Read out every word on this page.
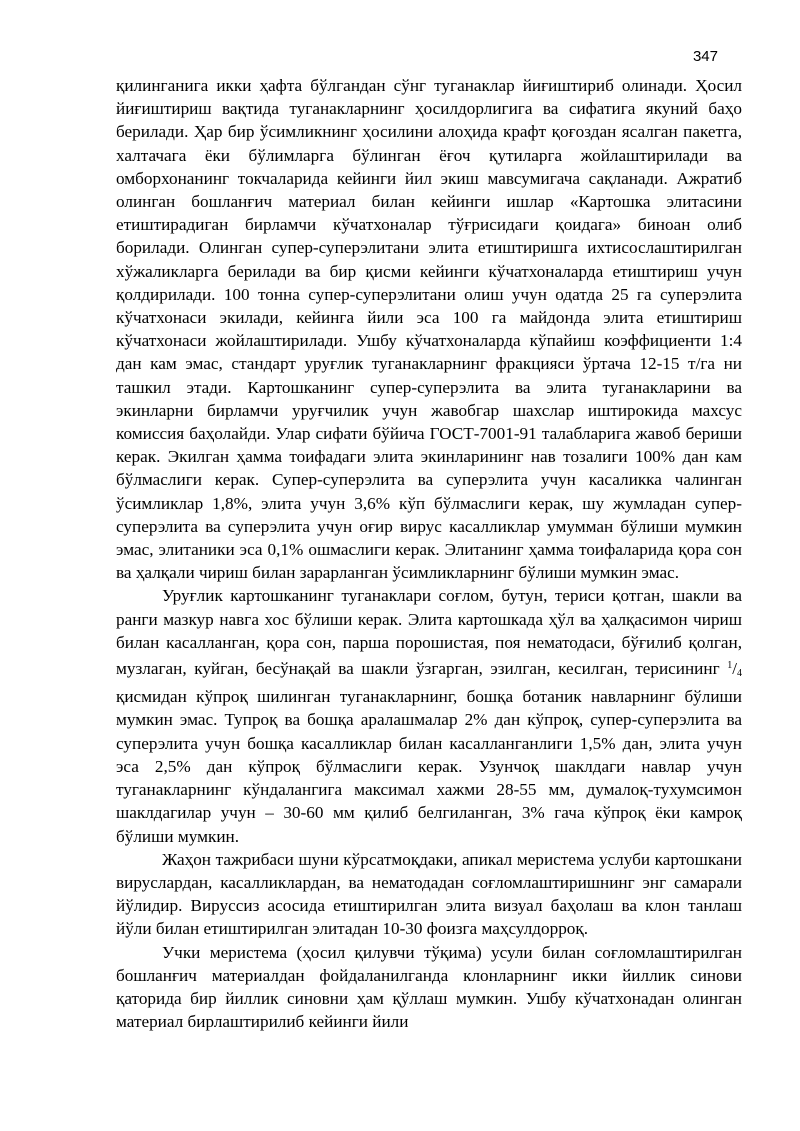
347

қилинганига икки ҳафта бўлгандан сўнг туганаклар йиғиштириб олинади. Ҳосил йиғиштириш вақтида туганакларнинг ҳосилдорлигига ва сифатига якуний баҳо берилади. Ҳар бир ўсимликнинг ҳосилини алоҳида крафт қоғоздан ясалган пакетга, халтачага ёки бўлимларга бўлинган ёғоч қутиларга жойлаштирилади ва омборхонанинг токчаларида кейинги йил экиш мавсумигача сақланади. Ажратиб олинган бошланғич материал билан кейинги ишлар «Картошка элитасини етиштирадиган бирламчи кўчатхоналар тўғрисидаги қоидага» биноан олиб борилади. Олинган супер-суперэлитани элита етиштиришга ихтисослаштирилган хўжаликларга берилади ва бир қисми кейинги кўчатхоналарда етиштириш учун қолдирилади. 100 тонна супер-суперэлитани олиш учун одатда 25 га суперэлита кўчатхонаси экилади, кейинга йили эса 100 га майдонда элита етиштириш кўчатхонаси жойлаштирилади. Ушбу кўчатхоналарда кўпайиш коэффициенти 1:4 дан кам эмас, стандарт уруғлик туганакларнинг фракцияси ўртача 12-15 т/га ни ташкил этади. Картошканинг супер-суперэлита ва элита туганакларини ва экинларни бирламчи уруғчилик учун жавобгар шахслар иштирокида махсус комиссия баҳолайди. Улар сифати бўйича ГОСТ-7001-91 талабларига жавоб бериши керак. Экилган ҳамма тоифадаги элита экинларининг нав тозалиги 100% дан кам бўлмаслиги керак. Супер-суперэлита ва суперэлита учун касаликка чалинган ўсимликлар 1,8%, элита учун 3,6% кўп бўлмаслиги керак, шу жумладан супер-суперэлита ва суперэлита учун оғир вирус касалликлар умумман бўлиши мумкин эмас, элитаники эса 0,1% ошмаслиги керак. Элитанинг ҳамма тоифаларида қора сон ва ҳалқали чириш билан зарарланган ўсимликларнинг бўлиши мумкин эмас.

Уруғлик картошканинг туганаклари соғлом, бутун, териси қотган, шакли ва ранги мазкур навга хос бўлиши керак. Элита картошкада ҳўл ва ҳалқасимон чириш билан касалланган, қора сон, парша порошистая, поя нематодаси, бўғилиб қолган, музлаган, куйган, бесўнақай ва шакли ўзгарган, эзилган, кесилган, терисининг $^1/_4$ қисмидан кўпроқ шилинган туганакларнинг, бошқа ботаник навларнинг бўлиши мумкин эмас. Тупроқ ва бошқа аралашмалар 2% дан кўпроқ, супер-суперэлита ва суперэлита учун бошқа касалликлар билан касалланганлиги 1,5% дан, элита учун эса 2,5% дан кўпроқ бўлмаслиги керак. Узунчоқ шаклдаги навлар учун туганакларнинг кўндалангига максимал хажми 28-55 мм, думалоқ-тухумсимон шаклдагилар учун – 30-60 мм қилиб белгиланган, 3% гача кўпроқ ёки камроқ бўлиши мумкин.

Жаҳон тажрибаси шуни кўрсатмоқдаки, апикал меристема услуби картошкани вируслардан, касалликлардан, ва нематодадан соғломлаштиришнинг энг самарали йўлидир. Вируссиз асосида етиштирилган элита визуал баҳолаш ва клон танлаш йўли билан етиштирилган элитадан 10-30 фоизга маҳсулдорроқ.

Учки меристема (ҳосил қилувчи тўқима) усули билан соғломлаштирилган бошланғич материалдан фойдаланилганда клонларнинг икки йиллик синови қаторида бир йиллик синовни ҳам қўллаш мумкин. Ушбу кўчатхонадан олинган материал бирлаштирилиб кейинги йили
